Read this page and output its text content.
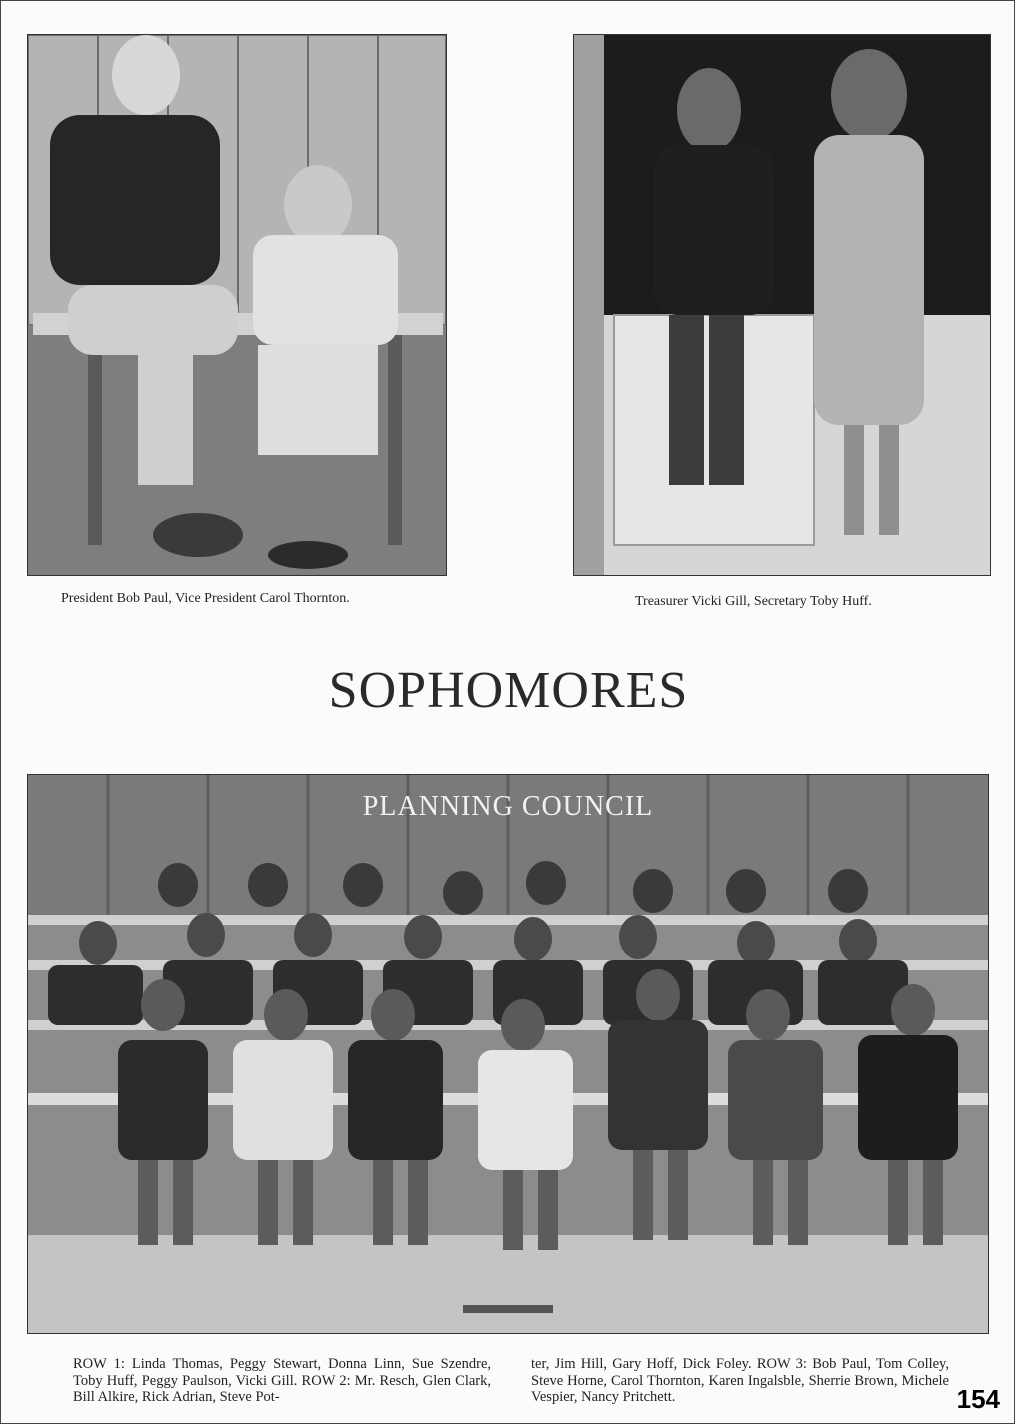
President Bob Paul, Vice President Carol Thornton.	Treasurer Vicki Gill, Secretary Toby Huff.
SOPHOMORES
PLANNING COUNCIL
ROW 1: Linda Thomas, Peggy Stewart, Donna Linn, Sue Szendre, Toby Huff, Peggy Paulson, Vicki Gill. ROW 2: Mr. Resch, Glen Clark, Bill Alkire, Rick Adrian, Steve Pot-
ter, Jim Hill, Gary Hoff, Dick Foley. ROW 3: Bob Paul, Tom Colley, Steve Horne, Carol Thornton, Karen Ingalsble, Sherrie Brown, Michele Vespier, Nancy Pritchett.	154
